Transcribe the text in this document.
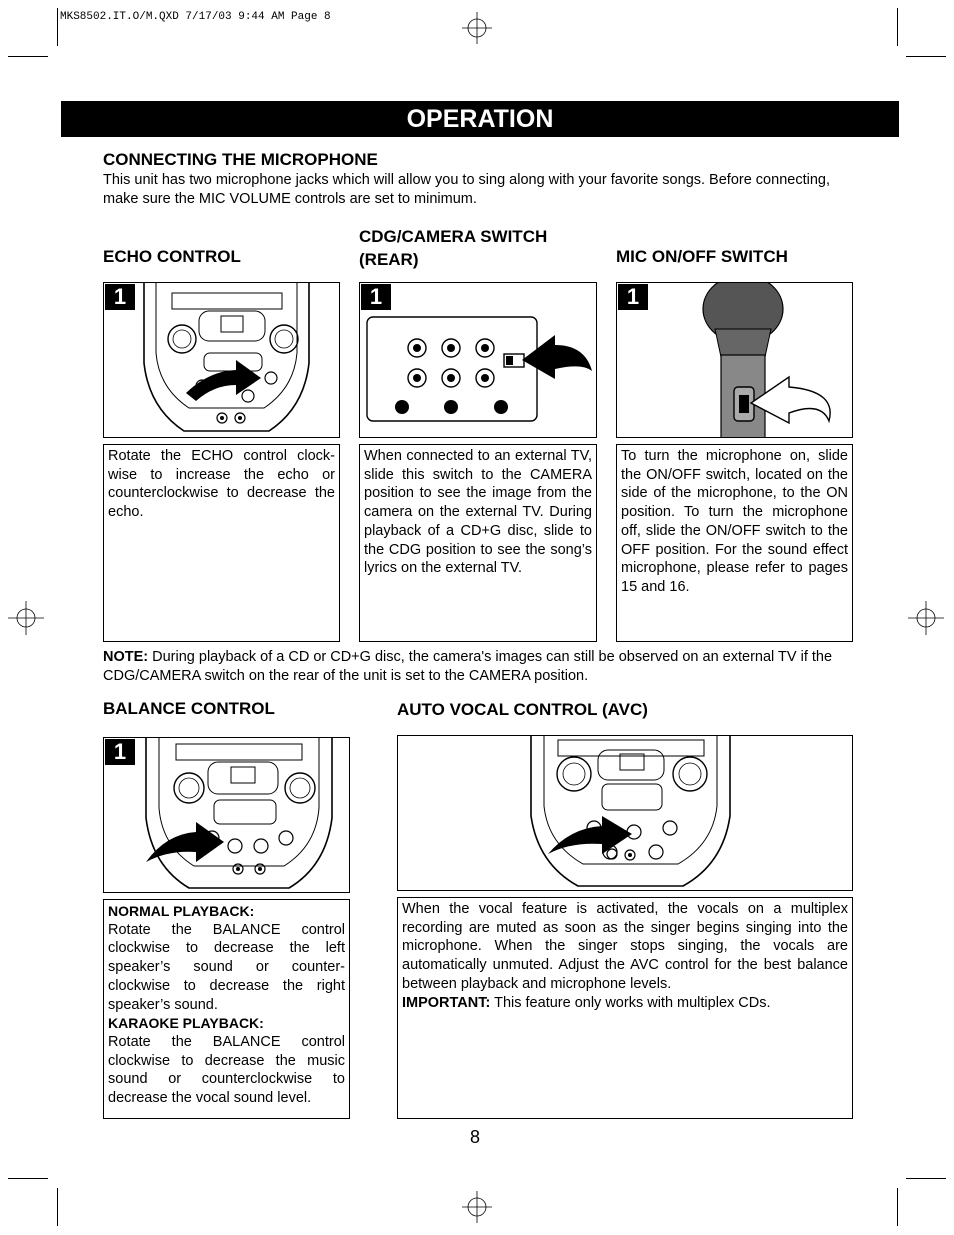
MKS8502.IT.O/M.QXD 7/17/03 9:44 AM Page 8
OPERATION
CONNECTING THE MICROPHONE
This unit has two microphone jacks which will allow you to sing along with your favorite songs. Before connecting, make sure the MIC VOLUME controls are set to minimum.
ECHO CONTROL
CDG/CAMERA SWITCH
(REAR)	MIC ON/OFF SWITCH
1	1	1
Rotate the ECHO control clock-wise to increase the echo or counterclockwise to decrease the echo.
When connected to an external TV, slide this switch to the CAMERA position to see the image from the camera on the external TV. During playback of a CD+G disc, slide to the CDG position to see the song’s lyrics on the external TV.
To turn the microphone on, slide the ON/OFF switch, located on the side of the microphone, to the ON position. To turn the microphone off, slide the ON/OFF switch to the OFF position. For the sound effect microphone, please refer to pages 15 and 16.
NOTE: During playback of a CD or CD+G disc, the camera's images can still be observed on an external TV if the CDG/CAMERA switch on the rear of the unit is set to the CAMERA position.
BALANCE CONTROL	AUTO VOCAL CONTROL (AVC)
1
NORMAL PLAYBACK:
Rotate the BALANCE control clockwise to decrease the left speaker’s sound or counter-clockwise to decrease the right speaker’s sound.
KARAOKE PLAYBACK:
Rotate the BALANCE control clockwise to decrease the music sound or counterclockwise to decrease the vocal sound level.
When the vocal feature is activated, the vocals on a multiplex recording are muted as soon as the singer begins singing into the microphone. When the singer stops singing, the vocals are automatically unmuted. Adjust the AVC control for the best balance between playback and microphone levels.
IMPORTANT: This feature only works with multiplex CDs.
8
